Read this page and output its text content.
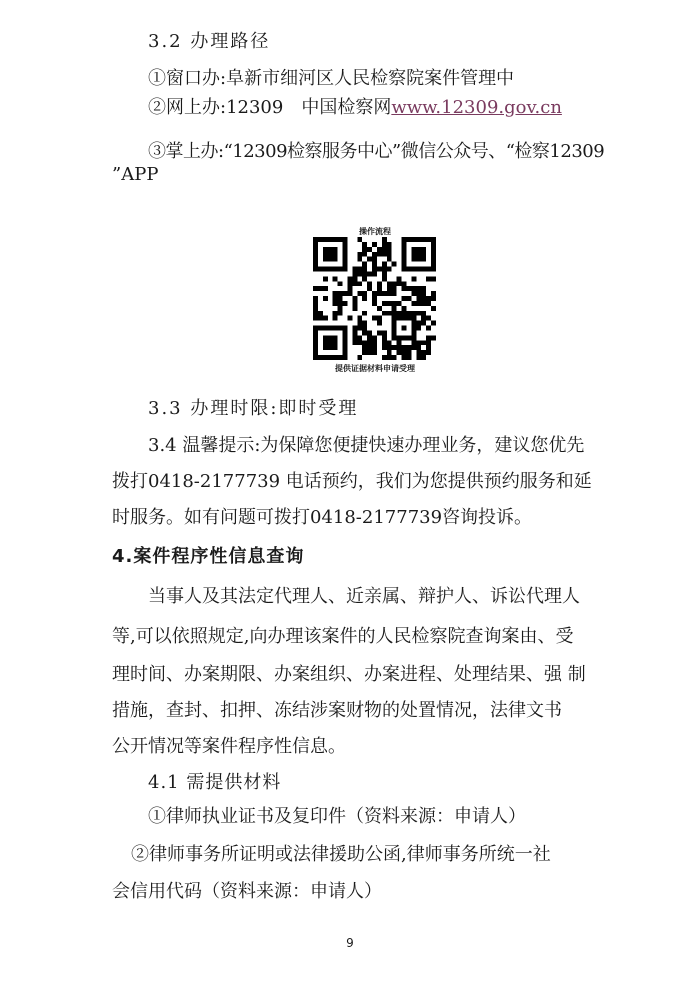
3.2 办理路径
①窗口办:阜新市细河区人民检察院案件管理中
②网上办:12309　中国检察网www.12309.gov.cn
③掌上办:“12309检察服务中心”微信公众号、“检察12309
”APP
操作流程
提供证据材料申请受理
3.3 办理时限:即时受理
3.4 温馨提示:为保障您便捷快速办理业务，建议您优先
拨打0418-2177739 电话预约，我们为您提供预约服务和延
时服务。如有问题可拨打0418-2177739咨询投诉。
4.案件程序性信息查询
当事人及其法定代理人、近亲属、辩护人、诉讼代理人
等,可以依照规定,向办理该案件的人民检察院查询案由、受
理时间、办案期限、办案组织、办案进程、处理结果、强 制
措施，查封、扣押、冻结涉案财物的处置情况，法律文书
公开情况等案件程序性信息。
4.1 需提供材料
①律师执业证书及复印件（资料来源：申请人）
②律师事务所证明或法律援助公函,律师事务所统一社
会信用代码（资料来源：申请人）
9
